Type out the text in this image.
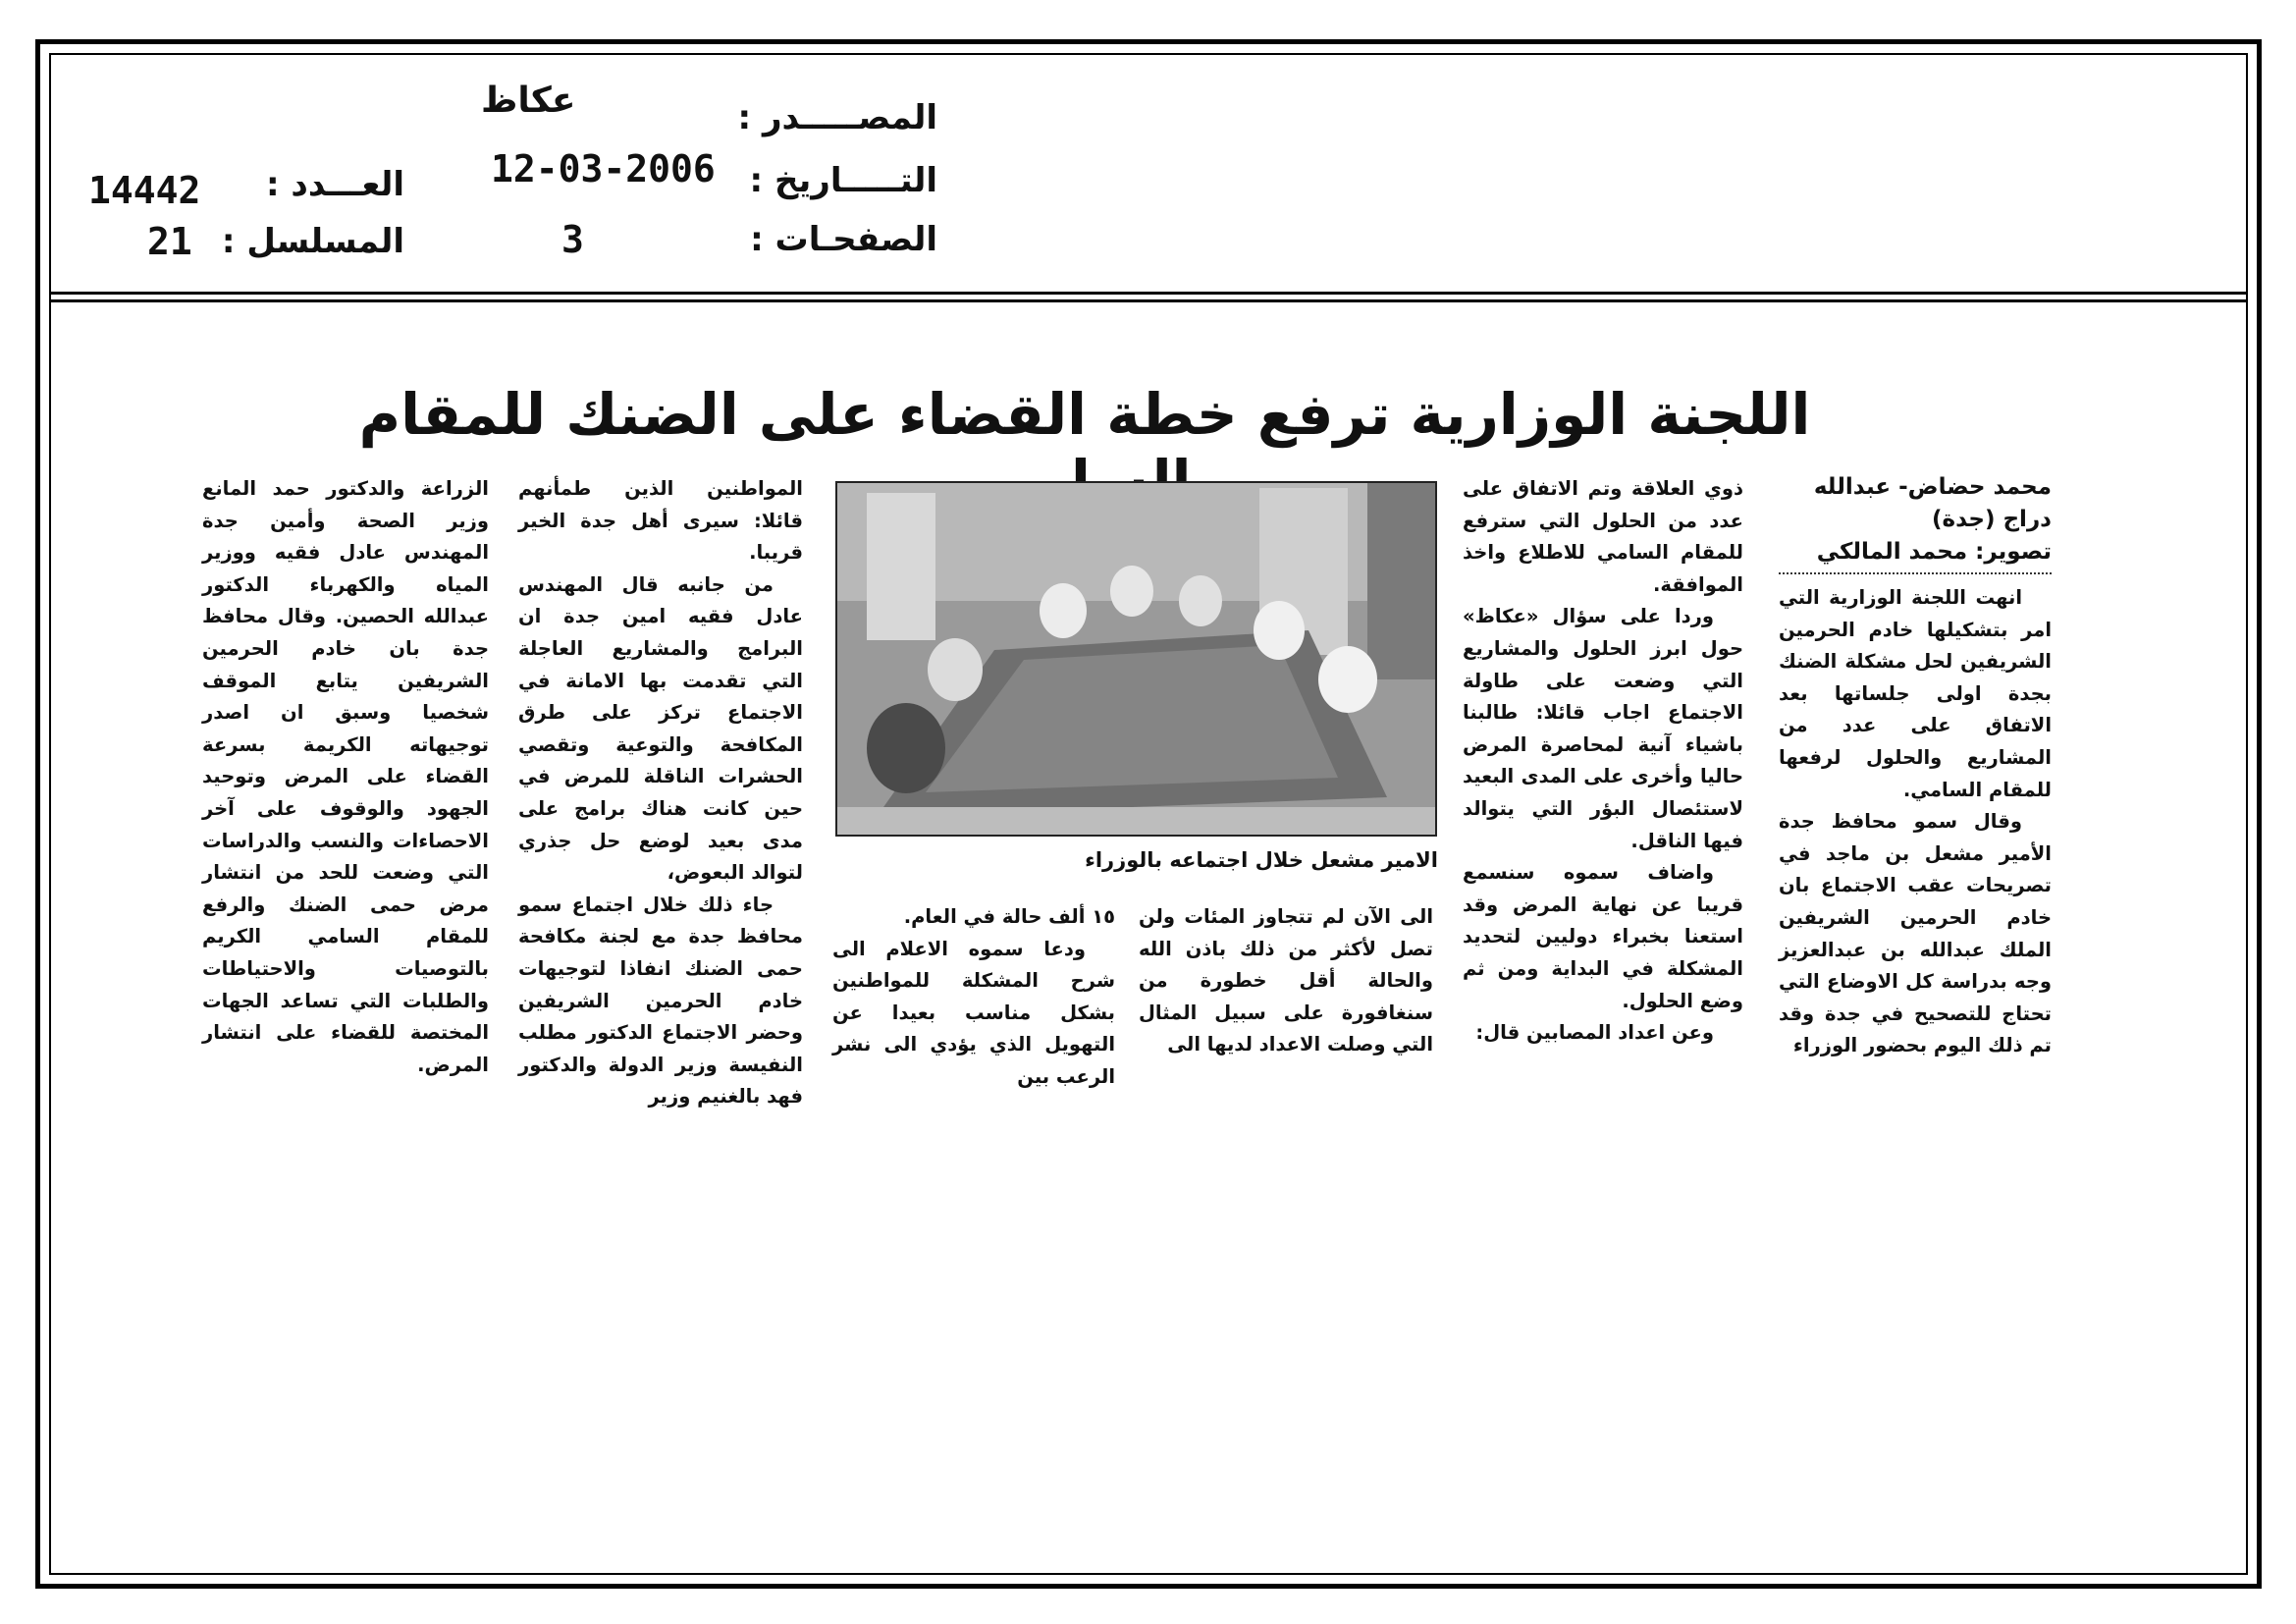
المصـــــدر :
عكاظ
التـــــاريخ :
12-03-2006
الصفحـات :
3
العـــدد :
14442
المسلسل :
21
اللجنة الوزارية ترفع خطة القضاء على الضنك للمقام

محمد حضاض- عبدالله

دراج (جدة)

تصوير: محمد المالكي

انهت اللجنة الوزارية التي امر بتشكيلها خادم الحرمين الشريفين لحل مشكلة الضنك بجدة اولى جلساتها بعد الاتفاق على عدد من المشاريع والحلول لرفعها للمقام السامي.

وقال سمو محافظ جدة الأمير مشعل بن ماجد في تصريحات عقب الاجتماع بان خادم الحرمين الشريفين الملك عبدالله بن عبدالعزيز وجه بدراسة كل الاوضاع التي تحتاج للتصحيح في جدة وقد تم ذلك اليوم بحضور الوزراء

ذوي العلاقة وتم الاتفاق على عدد من الحلول التي سترفع للمقام السامي للاطلاع واخذ الموافقة.

وردا على سؤال «عكاظ» حول ابرز الحلول والمشاريع التي وضعت على طاولة الاجتماع اجاب قائلا: طالبنا باشياء آنية لمحاصرة المرض حاليا وأخرى على المدى البعيد لاستئصال البؤر التي يتوالد فيها الناقل.

واضاف سموه سنسمع قريبا عن نهاية المرض وقد استعنا بخبراء دوليين لتحديد المشكلة في البداية ومن ثم وضع الحلول.

وعن اعداد المصابين قال:

الامير مشعل خلال اجتماعه بالوزراء

الى الآن لم تتجاوز المئات ولن تصل لأكثر من ذلك باذن الله والحالة أقل خطورة من سنغافورة على سبيل المثال التي وصلت الاعداد لديها الى

١٥ ألف حالة في العام.

ودعا سموه الاعلام الى شرح المشكلة للمواطنين بشكل مناسب بعيدا عن التهويل الذي يؤدي الى نشر الرعب بين

المواطنين الذين طمأنهم قائلا: سيرى أهل جدة الخير قريبا.

من جانبه قال المهندس عادل فقيه امين جدة ان البرامج والمشاريع العاجلة التي تقدمت بها الامانة في الاجتماع تركز على طرق المكافحة والتوعية وتقصي الحشرات الناقلة للمرض في حين كانت هناك برامج على مدى بعيد لوضع حل جذري لتوالد البعوض،

جاء ذلك خلال اجتماع سمو محافظ جدة مع لجنة مكافحة حمى الضنك انفاذا لتوجيهات خادم الحرمين الشريفين وحضر الاجتماع الدكتور مطلب النفيسة وزير الدولة والدكتور فهد بالغنيم وزير

الزراعة والدكتور حمد المانع وزير الصحة وأمين جدة المهندس عادل فقيه ووزير المياه والكهرباء الدكتور عبدالله الحصين. وقال محافظ جدة بان خادم الحرمين الشريفين يتابع الموقف شخصيا وسبق ان اصدر توجيهاته الكريمة بسرعة القضاء على المرض وتوحيد الجهود والوقوف على آخر الاحصاءات والنسب والدراسات التي وضعت للحد من انتشار مرض حمى الضنك والرفع للمقام السامي الكريم بالتوصيات والاحتياطات والطلبات التي تساعد الجهات المختصة للقضاء على انتشار المرض.
